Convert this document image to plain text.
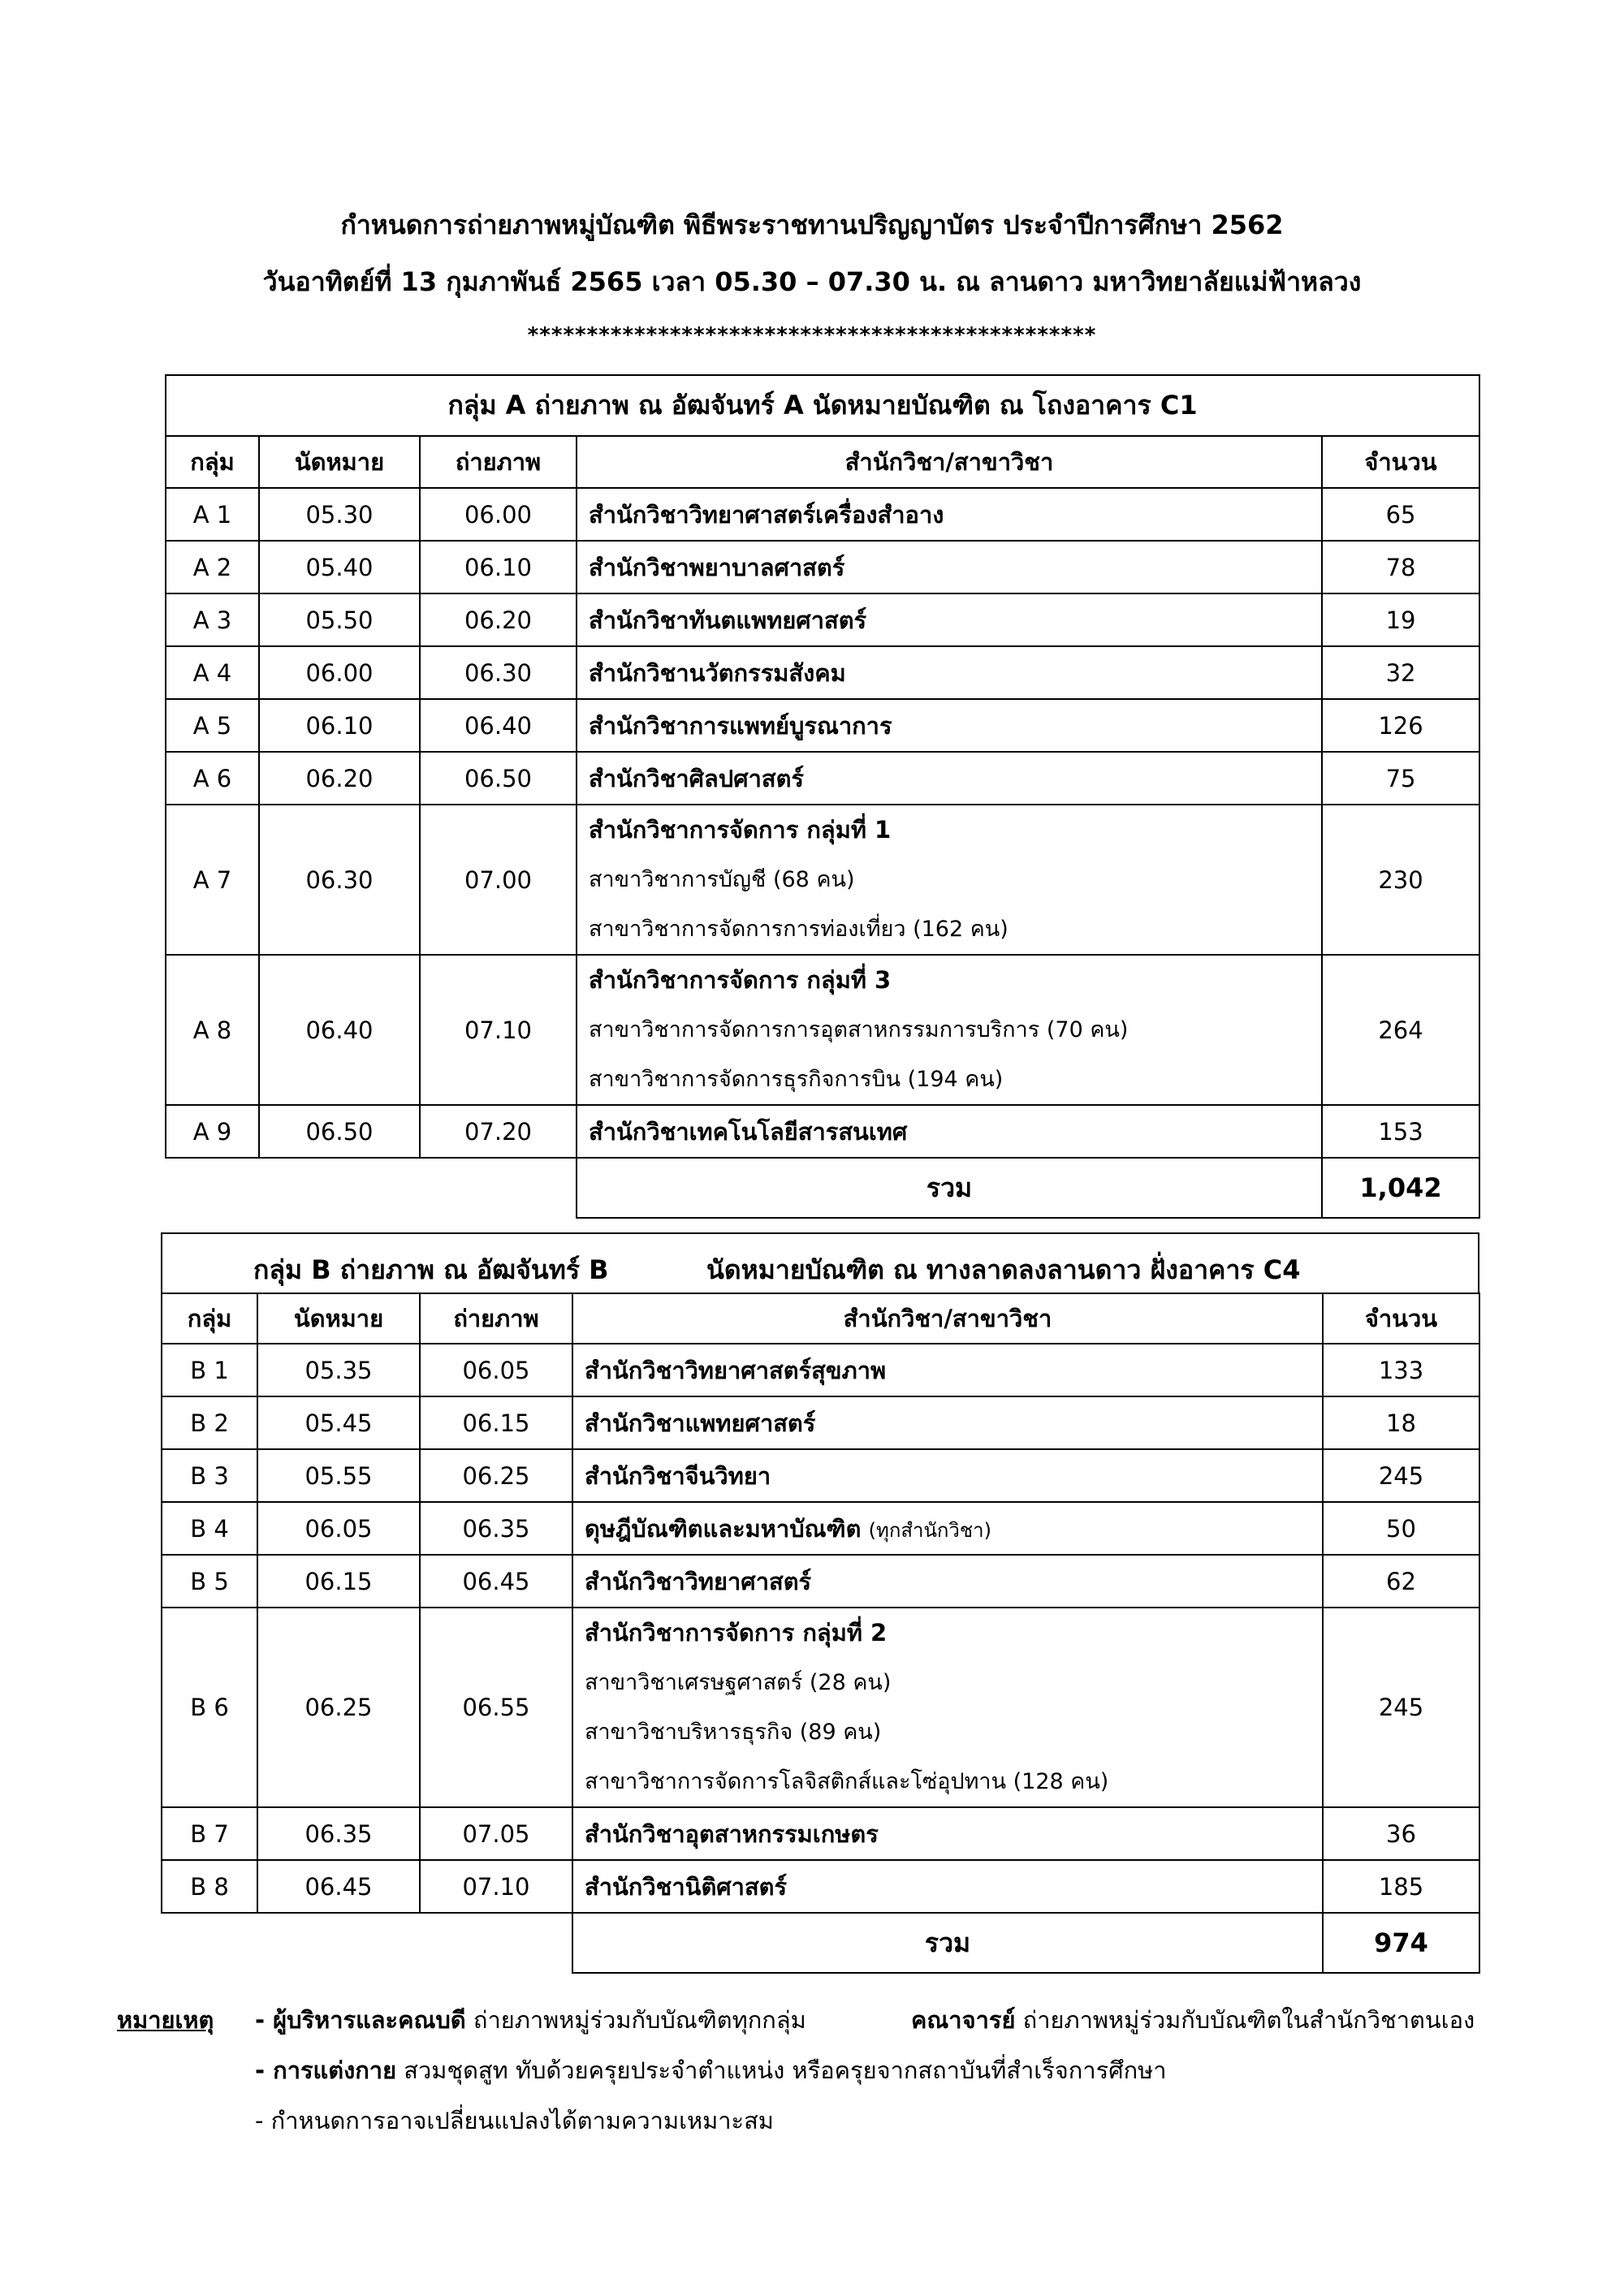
กำหนดการถ่ายภาพหมู่บัณฑิต พิธีพระราชทานปริญญาบัตร ประจำปีการศึกษา 2562
วันอาทิตย์ที่ 13 กุมภาพันธ์ 2565 เวลา 05.30 – 07.30 น. ณ ลานดาว มหาวิทยาลัยแม่ฟ้าหลวง
************************************************
กลุ่ม A ถ่ายภาพ ณ อัฒจันทร์ A นัดหมายบัณฑิต ณ โถงอาคาร C1				
กลุ่ม	นัดหมาย	ถ่ายภาพ	สำนักวิชา/สาขาวิชา	จำนวน
A 1	05.30	06.00	สำนักวิชาวิทยาศาสตร์เครื่องสำอาง	65
A 2	05.40	06.10	สำนักวิชาพยาบาลศาสตร์	78
A 3	05.50	06.20	สำนักวิชาทันตแพทยศาสตร์	19
A 4	06.00	06.30	สำนักวิชานวัตกรรมสังคม	32
A 5	06.10	06.40	สำนักวิชาการแพทย์บูรณาการ	126
A 6	06.20	06.50	สำนักวิชาศิลปศาสตร์	75
A 7	06.30	07.00	สำนักวิชาการจัดการ กลุ่มที่ 1
สาขาวิชาการบัญชี (68 คน)
สาขาวิชาการจัดการการท่องเที่ยว (162 คน)	230
A 8	06.40	07.10	สำนักวิชาการจัดการ กลุ่มที่ 3
สาขาวิชาการจัดการการอุตสาหกรรมการบริการ (70 คน)
สาขาวิชาการจัดการธุรกิจการบิน (194 คน)	264
A 9	06.50	07.20	สำนักวิชาเทคโนโลยีสารสนเทศ	153
			รวม	1,042
กลุ่ม B ถ่ายภาพ ณ อัฒจันทร์ B	นัดหมายบัณฑิต ณ ทางลาดลงลานดาว ฝั่งอาคาร C4
กลุ่ม	นัดหมาย	ถ่ายภาพ	สำนักวิชา/สาขาวิชา	จำนวน
B 1	05.35	06.05	สำนักวิชาวิทยาศาสตร์สุขภาพ	133
B 2	05.45	06.15	สำนักวิชาแพทยศาสตร์	18
B 3	05.55	06.25	สำนักวิชาจีนวิทยา	245
B 4	06.05	06.35	ดุษฎีบัณฑิตและมหาบัณฑิต (ทุกสำนักวิชา)	50
B 5	06.15	06.45	สำนักวิชาวิทยาศาสตร์	62
B 6	06.25	06.55	สำนักวิชาการจัดการ กลุ่มที่ 2
สาขาวิชาเศรษฐศาสตร์ (28 คน)
สาขาวิชาบริหารธุรกิจ (89 คน)
สาขาวิชาการจัดการโลจิสติกส์และโซ่อุปทาน (128 คน)	245
B 7	06.35	07.05	สำนักวิชาอุตสาหกรรมเกษตร	36
B 8	06.45	07.10	สำนักวิชานิติศาสตร์	185
			รวม	974
หมายเหตุ - ผู้บริหารและคณบดี ถ่ายภาพหมู่ร่วมกับบัณฑิตทุกกลุ่ม	คณาจารย์ ถ่ายภาพหมู่ร่วมกับบัณฑิตในสำนักวิชาตนเอง
- การแต่งกาย สวมชุดสูท ทับด้วยครุยประจำตำแหน่ง หรือครุยจากสถาบันที่สำเร็จการศึกษา
- กำหนดการอาจเปลี่ยนแปลงได้ตามความเหมาะสม
